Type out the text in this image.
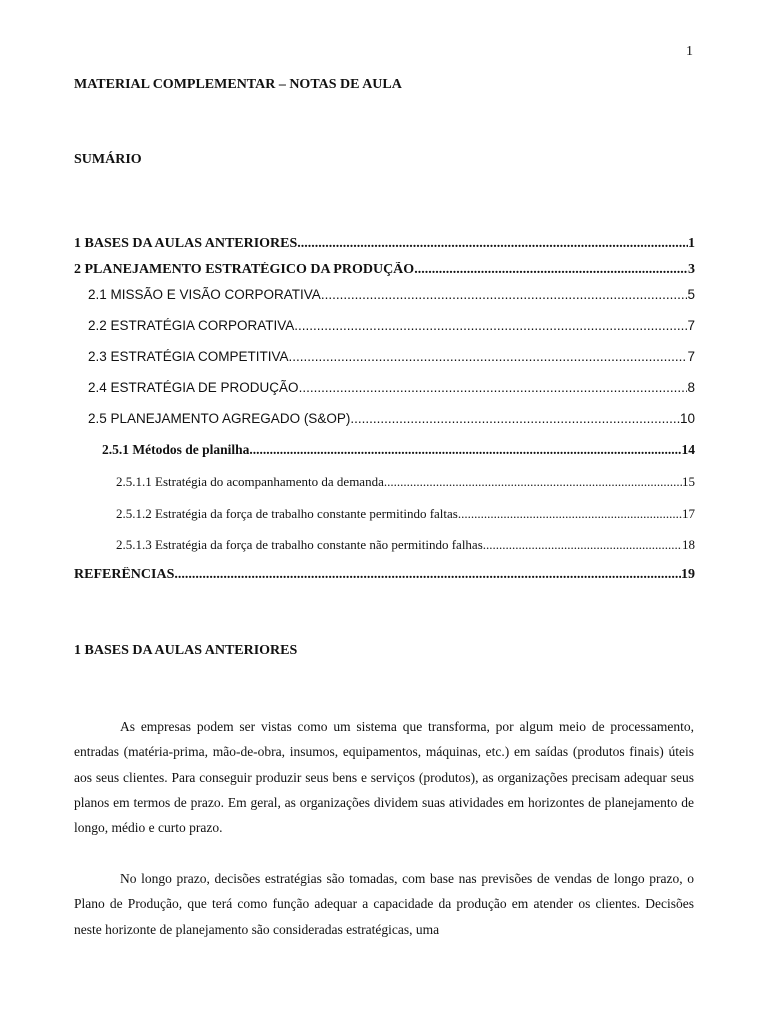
1
MATERIAL COMPLEMENTAR – NOTAS DE AULA
SUMÁRIO
1 BASES DA AULAS ANTERIORES .....	1
2 PLANEJAMENTO ESTRATÉGICO DA PRODUÇÃO .....	3
2.1 MISSÃO E VISÃO CORPORATIVA .....	5
2.2 ESTRATÉGIA CORPORATIVA .....	7
2.3 ESTRATÉGIA COMPETITIVA .....	7
2.4 ESTRATÉGIA DE PRODUÇÃO .....	8
2.5 PLANEJAMENTO AGREGADO (S&OP) .....	10
2.5.1 Métodos de planilha .....	14
2.5.1.1 Estratégia do acompanhamento da demanda .....	15
2.5.1.2 Estratégia da força de trabalho constante permitindo faltas .....	17
2.5.1.3 Estratégia da força de trabalho constante não permitindo falhas .....	18
REFERÊNCIAS .....	19
1 BASES DA AULAS ANTERIORES
As empresas podem ser vistas como um sistema que transforma, por algum meio de processamento, entradas (matéria-prima, mão-de-obra, insumos, equipamentos, máquinas, etc.) em saídas (produtos finais) úteis aos seus clientes. Para conseguir produzir seus bens e serviços (produtos), as organizações precisam adequar seus planos em termos de prazo. Em geral, as organizações dividem suas atividades em horizontes de planejamento de longo, médio e curto prazo.
No longo prazo, decisões estratégias são tomadas, com base nas previsões de vendas de longo prazo, o Plano de Produção, que terá como função adequar a capacidade da produção em atender os clientes. Decisões neste horizonte de planejamento são consideradas estratégicas, uma
